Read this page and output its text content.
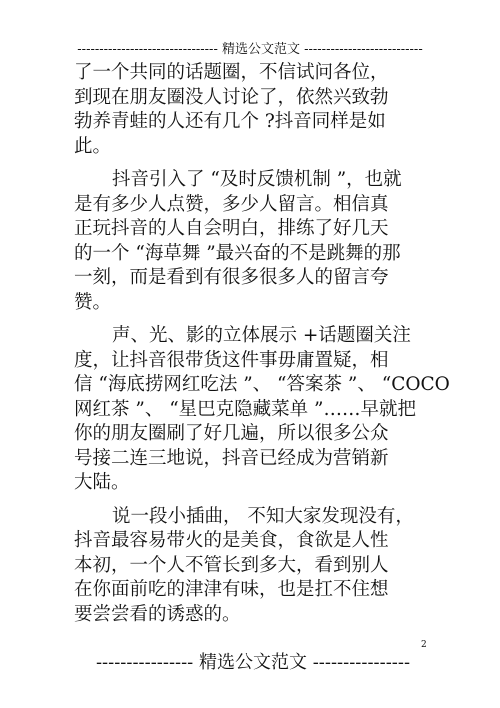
-------------------------------- 精选公文范文 ---------------------------
了一个共同的话题圈，不信试问各位，
到现在朋友圈没人讨论了，依然兴致勃
勃养青蛙的人还有几个 ?抖音同样是如
此。
抖音引入了 “及时反馈机制 ”，也就
是有多少人点赞，多少人留言。相信真
正玩抖音的人自会明白，排练了好几天
的一个 “海草舞 ”最兴奋的不是跳舞的那
一刻，而是看到有很多很多人的留言夸
赞。
声、光、影的立体展示 +话题圈关注
度，让抖音很带货这件事毋庸置疑，相
信 “海底捞网红吃法 ”、 “答案茶 ”、 “COCO
网红茶 ”、 “星巴克隐藏菜单 ”……早就把
你的朋友圈刷了好几遍，所以很多公众
号接二连三地说，抖音已经成为营销新
大陆。
说一段小插曲， 不知大家发现没有，
抖音最容易带火的是美食，食欲是人性
本初，一个人不管长到多大，看到别人
在你面前吃的津津有味，也是扛不住想
要尝尝看的诱惑的。
2
---------------- 精选公文范文 ----------------
